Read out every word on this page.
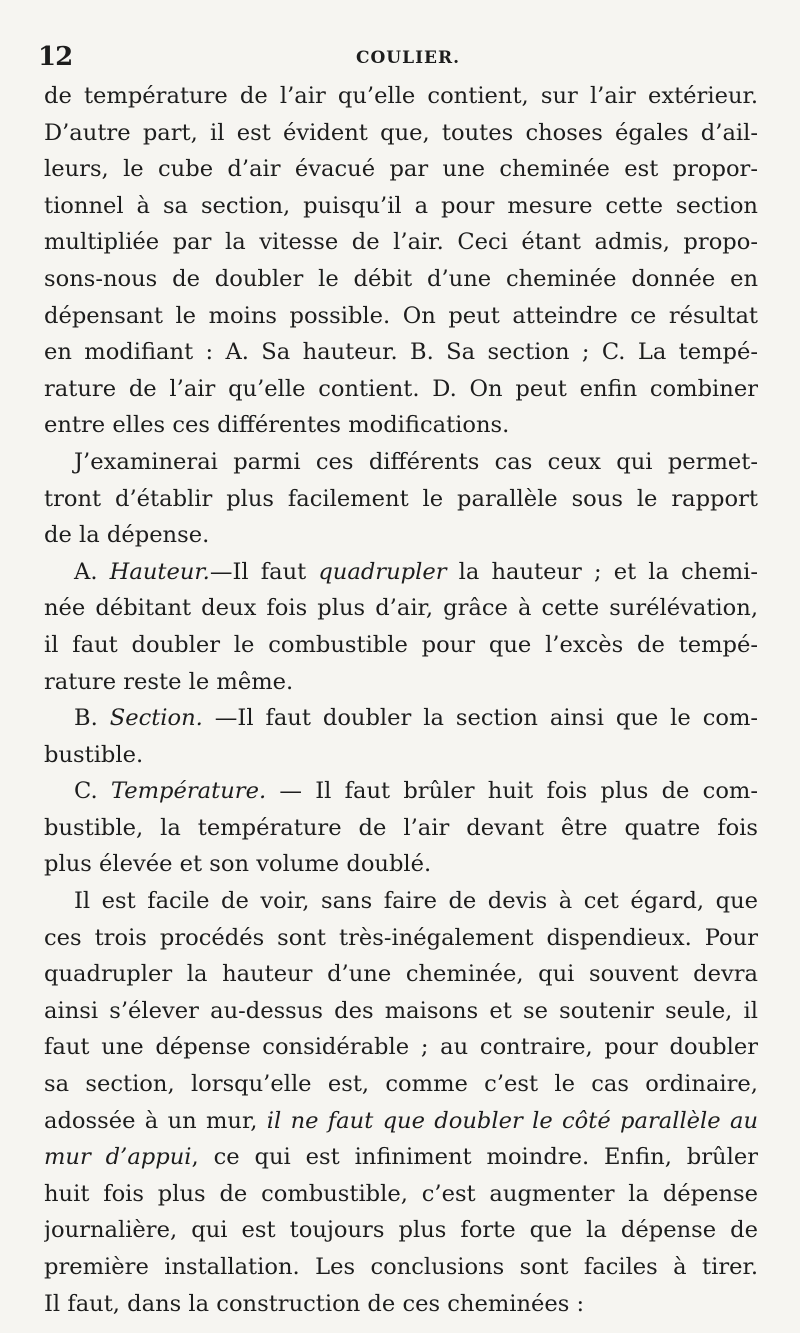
12	COULIER.
de température de l’air qu’elle contient, sur l’air extérieur.
D’autre part, il est évident que, toutes choses égales d’ail-
leurs, le cube d’air évacué par une cheminée est propor-
tionnel à sa section, puisqu’il a pour mesure cette section
multipliée par la vitesse de l’air. Ceci étant admis, propo-
sons-nous de doubler le débit d’une cheminée donnée en
dépensant le moins possible. On peut atteindre ce résultat
en modifiant : A. Sa hauteur. B. Sa section ; C. La tempé-
rature de l’air qu’elle contient. D. On peut enfin combiner
entre elles ces différentes modifications.
J’examinerai parmi ces différents cas ceux qui permet-
tront d’établir plus facilement le parallèle sous le rapport
de la dépense.
A. Hauteur.—Il faut quadrupler la hauteur ; et la chemi-
née débitant deux fois plus d’air, grâce à cette surélévation,
il faut doubler le combustible pour que l’excès de tempé-
rature reste le même.
B. Section. —Il faut doubler la section ainsi que le com-
bustible.
C. Température. — Il faut brûler huit fois plus de com-
bustible, la température de l’air devant être quatre fois
plus élevée et son volume doublé.
Il est facile de voir, sans faire de devis à cet égard, que
ces trois procédés sont très-inégalement dispendieux. Pour
quadrupler la hauteur d’une cheminée, qui souvent devra
ainsi s’élever au-dessus des maisons et se soutenir seule, il
faut une dépense considérable ; au contraire, pour doubler
sa section, lorsqu’elle est, comme c’est le cas ordinaire,
adossée à un mur, il ne faut que doubler le côté parallèle au
mur d’appui, ce qui est infiniment moindre. Enfin, brûler
huit fois plus de combustible, c’est augmenter la dépense
journalière, qui est toujours plus forte que la dépense de
première installation. Les conclusions sont faciles à tirer.
Il faut, dans la construction de ces cheminées :
